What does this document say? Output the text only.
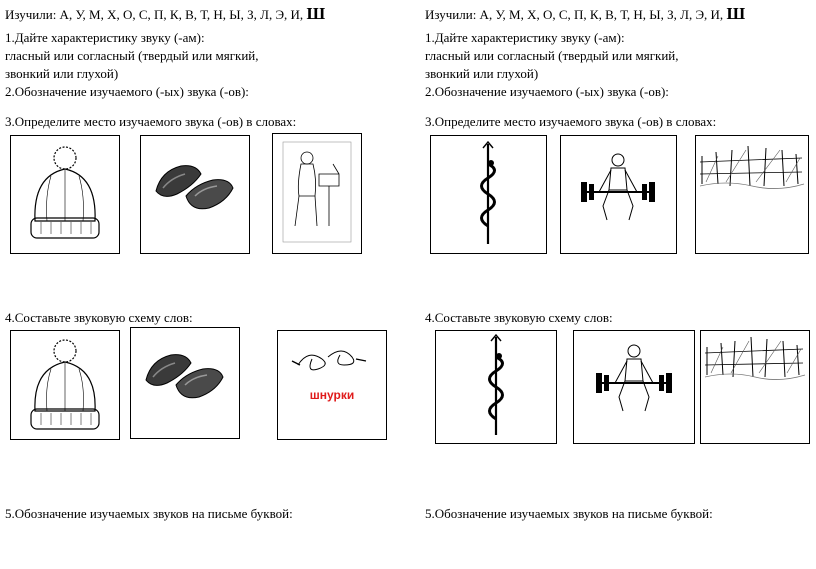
Изучили: А, У, М, Х, О, С, П, К, В, Т, Н, Ы, З, Л, Э, И, Ш
1.Дайте характеристику звуку (-ам):
гласный или согласный (твердый или мягкий,
звонкий или глухой)
2.Обозначение изучаемого (-ых) звука (-ов):
3.Определите место изучаемого звука (-ов) в словах:
4.Составьте звуковую схему слов:
шнурки
5.Обозначение изучаемых звуков на письме буквой:
Изучили: А, У, М, Х, О, С, П, К, В, Т, Н, Ы, З, Л, Э, И, Ш
1.Дайте характеристику звуку (-ам):
гласный или согласный (твердый или мягкий,
звонкий или глухой)
2.Обозначение изучаемого (-ых) звука (-ов):
3.Определите место изучаемого звука (-ов) в словах:
4.Составьте звуковую схему слов:
5.Обозначение изучаемых звуков на письме буквой:
